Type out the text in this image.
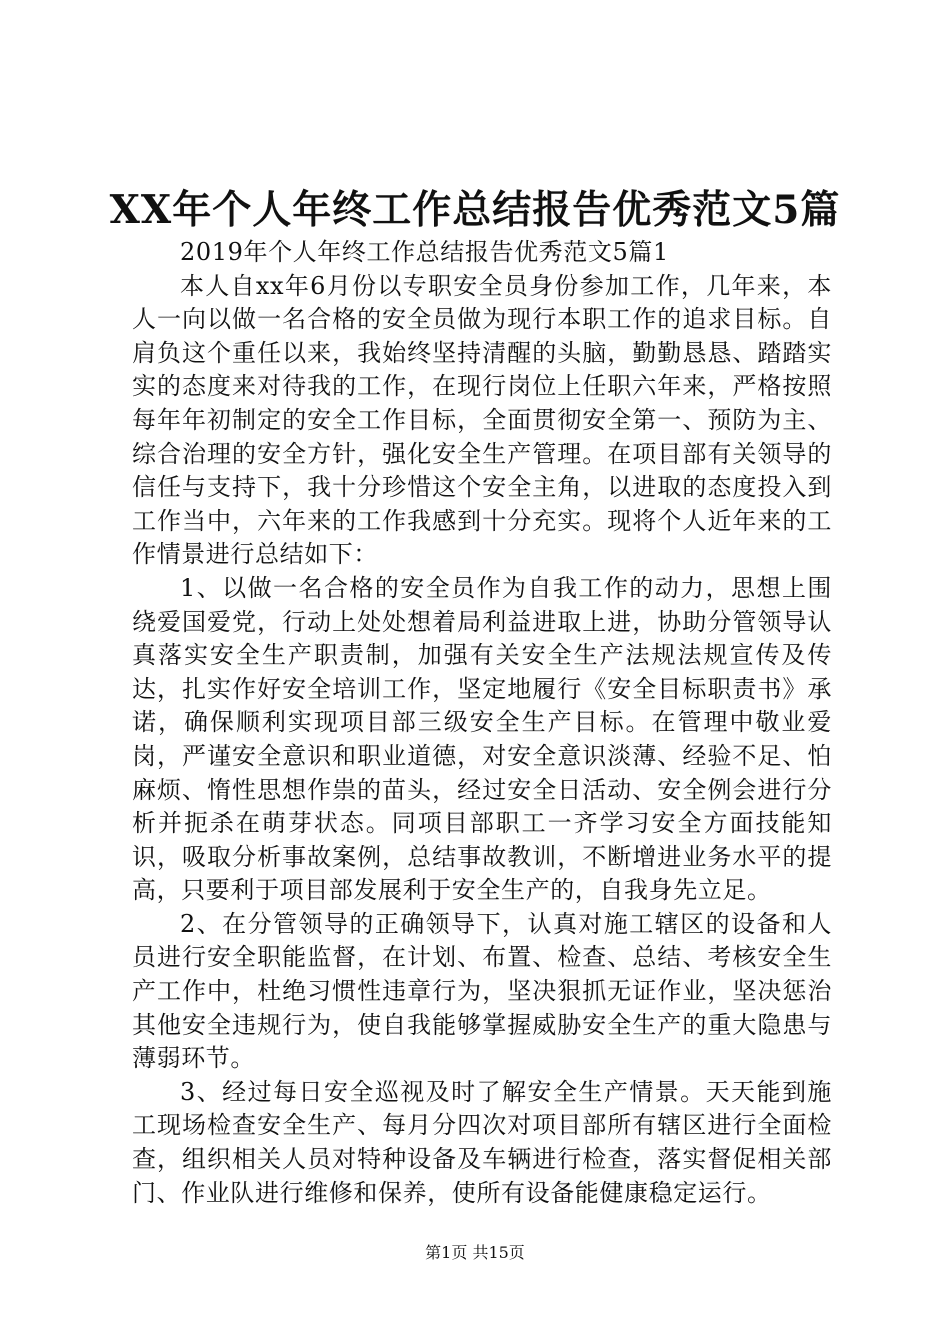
XX年个人年终工作总结报告优秀范文5篇

2019年个人年终工作总结报告优秀范文5篇1

本人自xx年6月份以专职安全员身份参加工作，几年来，本人一向以做一名合格的安全员做为现行本职工作的追求目标。自肩负这个重任以来，我始终坚持清醒的头脑，勤勤恳恳、踏踏实实的态度来对待我的工作，在现行岗位上任职六年来，严格按照每年年初制定的安全工作目标，全面贯彻安全第一、预防为主、综合治理的安全方针，强化安全生产管理。在项目部有关领导的信任与支持下，我十分珍惜这个安全主角，以进取的态度投入到工作当中，六年来的工作我感到十分充实。现将个人近年来的工作情景进行总结如下：

1、以做一名合格的安全员作为自我工作的动力，思想上围绕爱国爱党，行动上处处想着局利益进取上进，协助分管领导认真落实安全生产职责制，加强有关安全生产法规法规宣传及传达，扎实作好安全培训工作，坚定地履行《安全目标职责书》承诺，确保顺利实现项目部三级安全生产目标。在管理中敬业爱岗，严谨安全意识和职业道德，对安全意识淡薄、经验不足、怕麻烦、惰性思想作祟的苗头，经过安全日活动、安全例会进行分析并扼杀在萌芽状态。同项目部职工一齐学习安全方面技能知识，吸取分析事故案例，总结事故教训，不断增进业务水平的提高，只要利于项目部发展利于安全生产的，自我身先立足。

2、在分管领导的正确领导下，认真对施工辖区的设备和人员进行安全职能监督，在计划、布置、检查、总结、考核安全生产工作中，杜绝习惯性违章行为，坚决狠抓无证作业，坚决惩治其他安全违规行为，使自我能够掌握威胁安全生产的重大隐患与薄弱环节。

3、经过每日安全巡视及时了解安全生产情景。天天能到施工现场检查安全生产、每月分四次对项目部所有辖区进行全面检查，组织相关人员对特种设备及车辆进行检查，落实督促相关部门、作业队进行维修和保养，使所有设备能健康稳定运行。

第1页 共15页
